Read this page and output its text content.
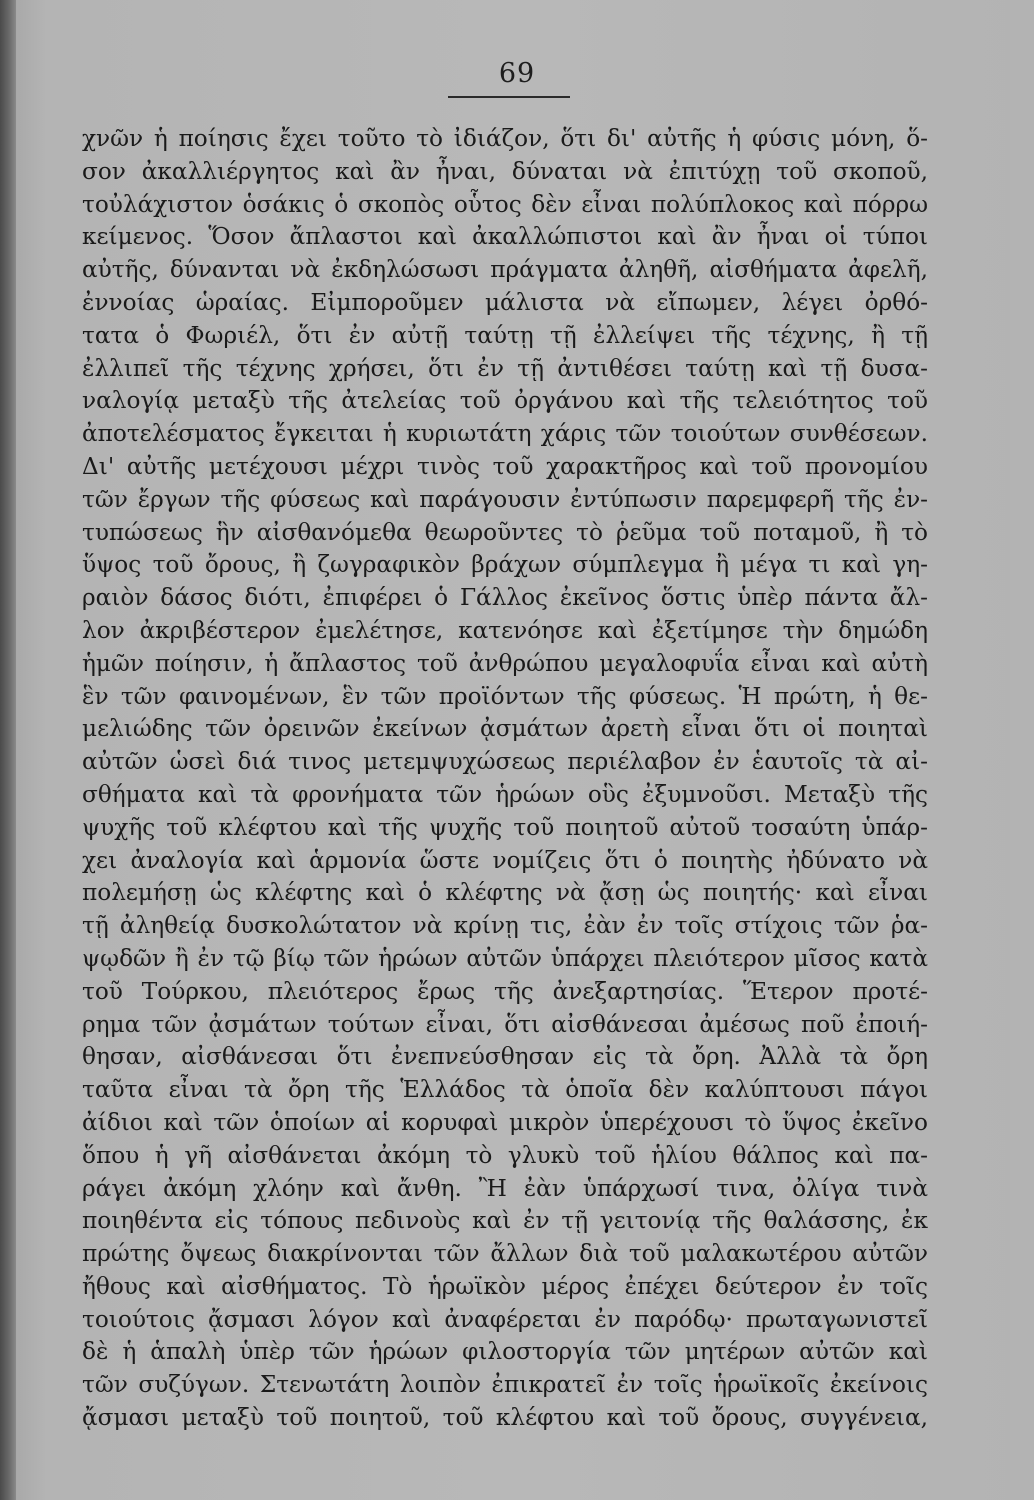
69
χνῶν ἡ ποίησις ἔχει τοῦτο τὸ ἰδιάζον, ὅτι δι' αὐτῆς ἡ φύσις μόνη, ὅ-
σον ἀκαλλιέργητος καὶ ἂν ἦναι, δύναται νὰ ἐπιτύχῃ τοῦ σκοποῦ,
τοὐλάχιστον ὁσάκις ὁ σκοπὸς οὗτος δὲν εἶναι πολύπλοκος καὶ πόρρω
κείμενος. Ὅσον ἄπλαστοι καὶ ἀκαλλώπιστοι καὶ ἂν ἦναι οἱ τύποι
αὐτῆς, δύνανται νὰ ἐκδηλώσωσι πράγματα ἀληθῆ, αἰσθήματα ἀφελῆ,
ἐννοίας ὡραίας. Εἰμποροῦμεν μάλιστα νὰ εἴπωμεν, λέγει ὀρθό-
τατα ὁ Φωριέλ, ὅτι ἐν αὐτῇ ταύτῃ τῇ ἐλλείψει τῆς τέχνης, ἢ τῇ
ἐλλιπεῖ τῆς τέχνης χρήσει, ὅτι ἐν τῇ ἀντιθέσει ταύτῃ καὶ τῇ δυσα-
ναλογίᾳ μεταξὺ τῆς ἀτελείας τοῦ ὀργάνου καὶ τῆς τελειότητος τοῦ
ἀποτελέσματος ἔγκειται ἡ κυριωτάτη χάρις τῶν τοιούτων συνθέσεων.
Δι' αὐτῆς μετέχουσι μέχρι τινὸς τοῦ χαρακτῆρος καὶ τοῦ προνομίου
τῶν ἔργων τῆς φύσεως καὶ παράγουσιν ἐντύπωσιν παρεμφερῆ τῆς ἐν-
τυπώσεως ἣν αἰσθανόμεθα θεωροῦντες τὸ ῥεῦμα τοῦ ποταμοῦ, ἢ τὸ
ὕψος τοῦ ὄρους, ἢ ζωγραφικὸν βράχων σύμπλεγμα ἢ μέγα τι καὶ γη-
ραιὸν δάσος διότι, ἐπιφέρει ὁ Γάλλος ἐκεῖνος ὅστις ὑπὲρ πάντα ἄλ-
λον ἀκριβέστερον ἐμελέτησε, κατενόησε καὶ ἐξετίμησε τὴν δημώδη
ἡμῶν ποίησιν, ἡ ἄπλαστος τοῦ ἀνθρώπου μεγαλοφυΐα εἶναι καὶ αὐτὴ
ἓν τῶν φαινομένων, ἓν τῶν προϊόντων τῆς φύσεως. Ἡ πρώτη, ἡ θε-
μελιώδης τῶν ὀρεινῶν ἐκείνων ᾀσμάτων ἀρετὴ εἶναι ὅτι οἱ ποιηταὶ
αὐτῶν ὡσεὶ διά τινος μετεμψυχώσεως περιέλαβον ἐν ἑαυτοῖς τὰ αἰ-
σθήματα καὶ τὰ φρονήματα τῶν ἡρώων οὓς ἐξυμνοῦσι. Μεταξὺ τῆς
ψυχῆς τοῦ κλέφτου καὶ τῆς ψυχῆς τοῦ ποιητοῦ αὐτοῦ τοσαύτη ὑπάρ-
χει ἀναλογία καὶ ἁρμονία ὥστε νομίζεις ὅτι ὁ ποιητὴς ἠδύνατο νὰ
πολεμήσῃ ὡς κλέφτης καὶ ὁ κλέφτης νὰ ᾄσῃ ὡς ποιητής· καὶ εἶναι
τῇ ἀληθείᾳ δυσκολώτατον νὰ κρίνῃ τις, ἐὰν ἐν τοῖς στίχοις τῶν ῥα-
ψῳδῶν ἢ ἐν τῷ βίῳ τῶν ἡρώων αὐτῶν ὑπάρχει πλειότερον μῖσος κατὰ
τοῦ Τούρκου, πλειότερος ἔρως τῆς ἀνεξαρτησίας. Ἕτερον προτέ-
ρημα τῶν ᾀσμάτων τούτων εἶναι, ὅτι αἰσθάνεσαι ἀμέσως ποῦ ἐποιή-
θησαν, αἰσθάνεσαι ὅτι ἐνεπνεύσθησαν εἰς τὰ ὄρη. Ἀλλὰ τὰ ὄρη
ταῦτα εἶναι τὰ ὄρη τῆς Ἑλλάδος τὰ ὁποῖα δὲν καλύπτουσι πάγοι
ἀίδιοι καὶ τῶν ὁποίων αἱ κορυφαὶ μικρὸν ὑπερέχουσι τὸ ὕψος ἐκεῖνο
ὅπου ἡ γῆ αἰσθάνεται ἀκόμη τὸ γλυκὺ τοῦ ἡλίου θάλπος καὶ πα-
ράγει ἀκόμη χλόην καὶ ἄνθη. Ἢ ἐὰν ὑπάρχωσί τινα, ὀλίγα τινὰ
ποιηθέντα εἰς τόπους πεδινοὺς καὶ ἐν τῇ γειτονίᾳ τῆς θαλάσσης, ἐκ
πρώτης ὄψεως διακρίνονται τῶν ἄλλων διὰ τοῦ μαλακωτέρου αὐτῶν
ἤθους καὶ αἰσθήματος. Τὸ ἡρωϊκὸν μέρος ἐπέχει δεύτερον ἐν τοῖς
τοιούτοις ᾄσμασι λόγον καὶ ἀναφέρεται ἐν παρόδῳ· πρωταγωνιστεῖ
δὲ ἡ ἁπαλὴ ὑπὲρ τῶν ἡρώων φιλοστοργία τῶν μητέρων αὐτῶν καὶ
τῶν συζύγων. Στενωτάτη λοιπὸν ἐπικρατεῖ ἐν τοῖς ἡρωϊκοῖς ἐκείνοις
ᾄσμασι μεταξὺ τοῦ ποιητοῦ, τοῦ κλέφτου καὶ τοῦ ὄρους, συγγένεια,
